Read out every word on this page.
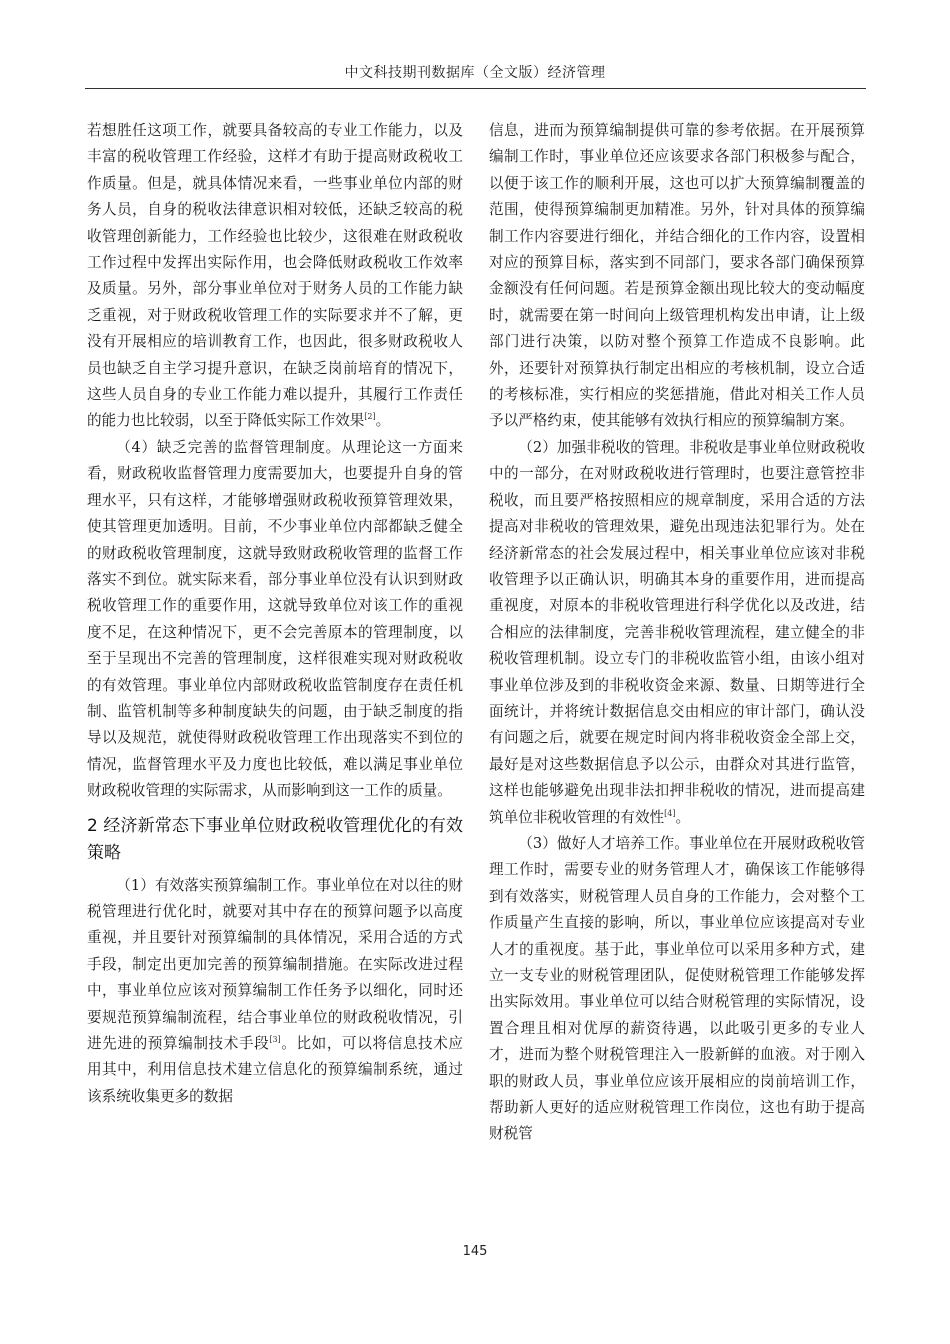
中文科技期刊数据库（全文版）经济管理

若想胜任这项工作，就要具备较高的专业工作能力，以及丰富的税收管理工作经验，这样才有助于提高财政税收工作质量。但是，就具体情况来看，一些事业单位内部的财务人员，自身的税收法律意识相对较低，还缺乏较高的税收管理创新能力，工作经验也比较少，这很难在财政税收工作过程中发挥出实际作用，也会降低财政税收工作效率及质量。另外，部分事业单位对于财务人员的工作能力缺乏重视，对于财政税收管理工作的实际要求并不了解，更没有开展相应的培训教育工作，也因此，很多财政税收人员也缺乏自主学习提升意识，在缺乏岗前培育的情况下，这些人员自身的专业工作能力难以提升，其履行工作责任的能力也比较弱，以至于降低实际工作效果[2]。

（4）缺乏完善的监督管理制度。从理论这一方面来看，财政税收监督管理力度需要加大，也要提升自身的管理水平，只有这样，才能够增强财政税收预算管理效果，使其管理更加透明。目前，不少事业单位内部都缺乏健全的财政税收管理制度，这就导致财政税收管理的监督工作落实不到位。就实际来看，部分事业单位没有认识到财政税收管理工作的重要作用，这就导致单位对该工作的重视度不足，在这种情况下，更不会完善原本的管理制度，以至于呈现出不完善的管理制度，这样很难实现对财政税收的有效管理。事业单位内部财政税收监管制度存在责任机制、监管机制等多种制度缺失的问题，由于缺乏制度的指导以及规范，就使得财政税收管理工作出现落实不到位的情况，监督管理水平及力度也比较低，难以满足事业单位财政税收管理的实际需求，从而影响到这一工作的质量。

2 经济新常态下事业单位财政税收管理优化的有效策略

（1）有效落实预算编制工作。事业单位在对以往的财税管理进行优化时，就要对其中存在的预算问题予以高度重视，并且要针对预算编制的具体情况，采用合适的方式手段，制定出更加完善的预算编制措施。在实际改进过程中，事业单位应该对预算编制工作任务予以细化，同时还要规范预算编制流程，结合事业单位的财政税收情况，引进先进的预算编制技术手段[3]。比如，可以将信息技术应用其中，利用信息技术建立信息化的预算编制系统，通过该系统收集更多的数据

信息，进而为预算编制提供可靠的参考依据。在开展预算编制工作时，事业单位还应该要求各部门积极参与配合，以便于该工作的顺利开展，这也可以扩大预算编制覆盖的范围，使得预算编制更加精准。另外，针对具体的预算编制工作内容要进行细化，并结合细化的工作内容，设置相对应的预算目标，落实到不同部门，要求各部门确保预算金额没有任何问题。若是预算金额出现比较大的变动幅度时，就需要在第一时间向上级管理机构发出申请，让上级部门进行决策，以防对整个预算工作造成不良影响。此外，还要针对预算执行制定出相应的考核机制，设立合适的考核标准，实行相应的奖惩措施，借此对相关工作人员予以严格约束，使其能够有效执行相应的预算编制方案。

（2）加强非税收的管理。非税收是事业单位财政税收中的一部分，在对财政税收进行管理时，也要注意管控非税收，而且要严格按照相应的规章制度，采用合适的方法提高对非税收的管理效果，避免出现违法犯罪行为。处在经济新常态的社会发展过程中，相关事业单位应该对非税收管理予以正确认识，明确其本身的重要作用，进而提高重视度，对原本的非税收管理进行科学优化以及改进，结合相应的法律制度，完善非税收管理流程，建立健全的非税收管理机制。设立专门的非税收监管小组，由该小组对事业单位涉及到的非税收资金来源、数量、日期等进行全面统计，并将统计数据信息交由相应的审计部门，确认没有问题之后，就要在规定时间内将非税收资金全部上交，最好是对这些数据信息予以公示，由群众对其进行监管，这样也能够避免出现非法扣押非税收的情况，进而提高建筑单位非税收管理的有效性[4]。

（3）做好人才培养工作。事业单位在开展财政税收管理工作时，需要专业的财务管理人才，确保该工作能够得到有效落实，财税管理人员自身的工作能力，会对整个工作质量产生直接的影响，所以，事业单位应该提高对专业人才的重视度。基于此，事业单位可以采用多种方式，建立一支专业的财税管理团队，促使财税管理工作能够发挥出实际效用。事业单位可以结合财税管理的实际情况，设置合理且相对优厚的薪资待遇，以此吸引更多的专业人才，进而为整个财税管理注入一股新鲜的血液。对于刚入职的财政人员，事业单位应该开展相应的岗前培训工作，帮助新人更好的适应财税管理工作岗位，这也有助于提高财税管

145
